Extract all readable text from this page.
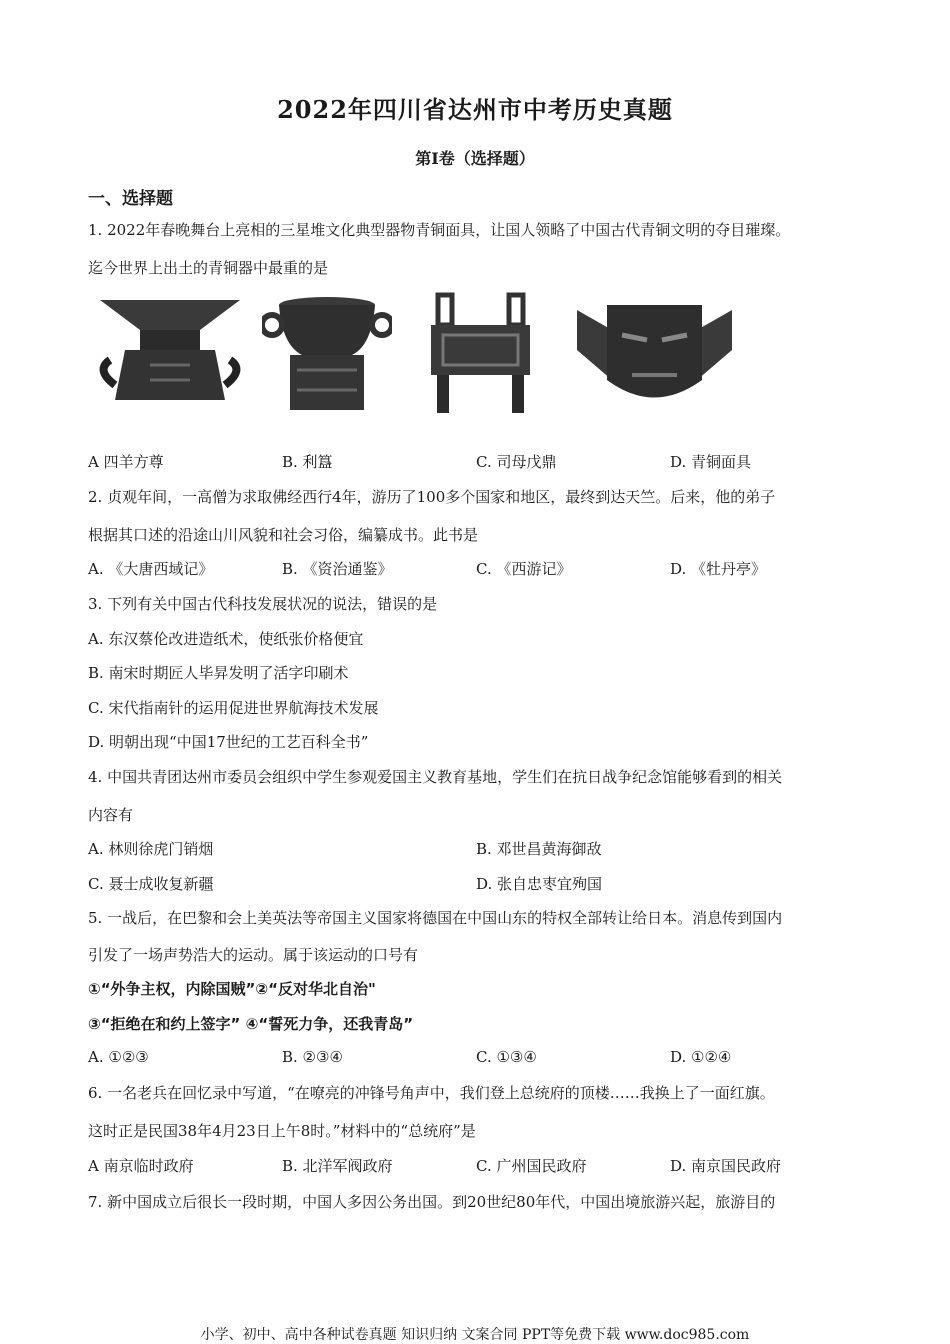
2022年四川省达州市中考历史真题
第Ⅰ卷（选择题）
一、选择题
1. 2022年春晚舞台上亮相的三星堆文化典型器物青铜面具，让国人领略了中国古代青铜文明的夺目璀璨。
迄今世界上出土的青铜器中最重的是
A 四羊方尊	B. 利簋	C. 司母戊鼎	D. 青铜面具
2. 贞观年间，一高僧为求取佛经西行4年，游历了100多个国家和地区，最终到达天竺。后来，他的弟子
根据其口述的沿途山川风貌和社会习俗，编纂成书。此书是
A. 《大唐西域记》	B. 《资治通鉴》	C. 《西游记》	D. 《牡丹亭》
3. 下列有关中国古代科技发展状况的说法，错误的是
A. 东汉蔡伦改进造纸术，使纸张价格便宜
B. 南宋时期匠人毕昇发明了活字印刷术
C. 宋代指南针的运用促进世界航海技术发展
D. 明朝出现“中国17世纪的工艺百科全书”
4. 中国共青团达州市委员会组织中学生参观爱国主义教育基地，学生们在抗日战争纪念馆能够看到的相关
内容有
A. 林则徐虎门销烟	B. 邓世昌黄海御敌
C. 聂士成收复新疆	D. 张自忠枣宜殉国
5. 一战后，在巴黎和会上美英法等帝国主义国家将德国在中国山东的特权全部转让给日本。消息传到国内
引发了一场声势浩大的运动。属于该运动的口号有
①“外争主权，内除国贼”②“反对华北自治"
③“拒绝在和约上签字” ④“誓死力争，还我青岛”
A. ①②③	B. ②③④	C. ①③④	D. ①②④
6. 一名老兵在回忆录中写道，“在嘹亮的冲锋号角声中，我们登上总统府的顶楼……我换上了一面红旗。
这时正是民国38年4月23日上午8时。”材料中的“总统府”是
A 南京临时政府	B. 北洋军阀政府	C. 广州国民政府	D. 南京国民政府
7. 新中国成立后很长一段时期，中国人多因公务出国。到20世纪80年代，中国出境旅游兴起，旅游目的
小学、初中、高中各种试卷真题 知识归纳 文案合同 PPT等免费下载 www.doc985.com
